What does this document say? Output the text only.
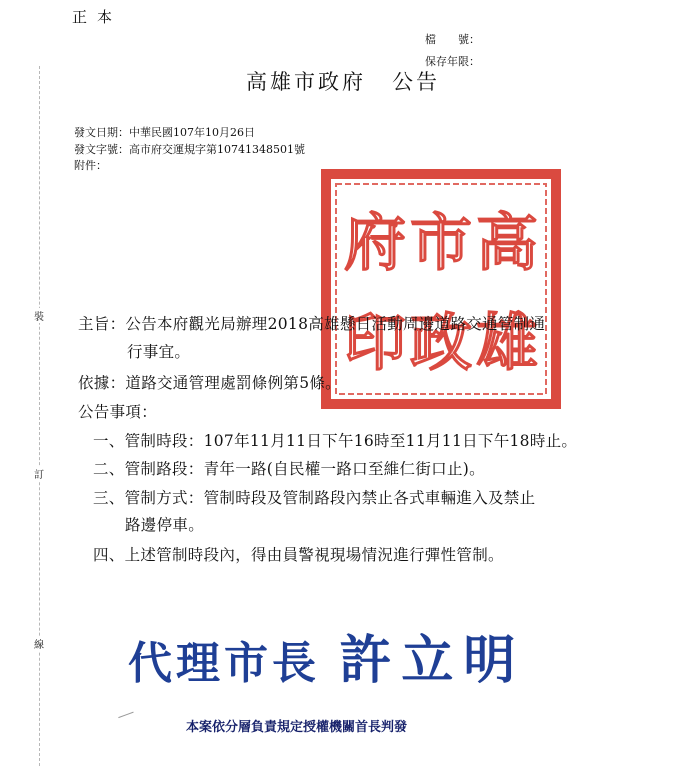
正本
檔　　號：
保存年限：
高雄市政府 公告
發文日期：中華民國107年10月26日
發文字號：高市府交運規字第10741348501號
附件：
裝
訂
線
高
雄
市
政
府
印
主旨：公告本府觀光局辦理2018高雄懸日活動周邊道路交通管制通
行事宜。
依據：道路交通管理處罰條例第5條。
公告事項：
一、管制時段：107年11月11日下午16時至11月11日下午18時止。
二、管制路段：青年一路(自民權一路口至維仁街口止)。
三、管制方式：管制時段及管制路段內禁止各式車輛進入及禁止
路邊停車。
四、上述管制時段內，得由員警視現場情況進行彈性管制。
代理市長 許立明
本案依分層負責規定授權機關首長判發
